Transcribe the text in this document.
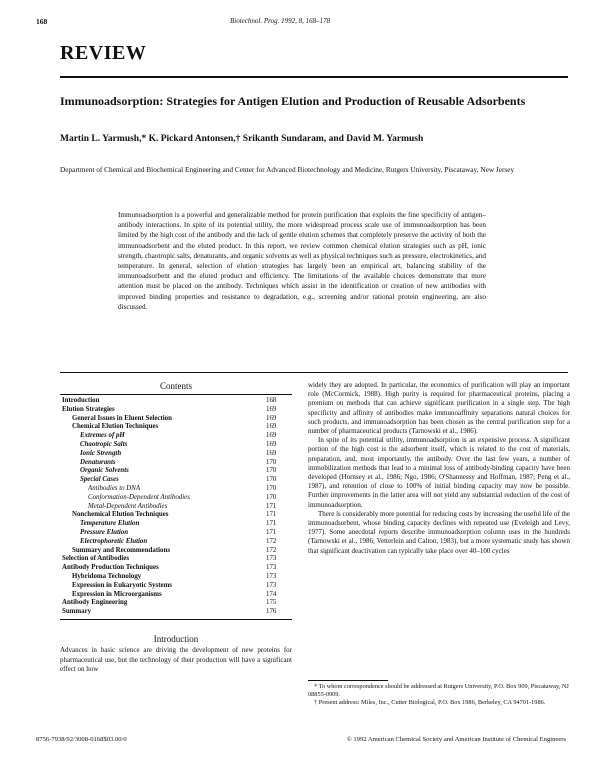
168	Biotechnol. Prog. 1992, 8, 168–178
REVIEW
Immunoadsorption: Strategies for Antigen Elution and Production of Reusable Adsorbents
Martin L. Yarmush,* K. Pickard Antonsen,† Srikanth Sundaram, and David M. Yarmush
Department of Chemical and Biochemical Engineering and Center for Advanced Biotechnology and Medicine, Rutgers University, Piscataway, New Jersey
Immunoadsorption is a powerful and generalizable method for protein purification that exploits the fine specificity of antigen–antibody interactions. In spite of its potential utility, the more widespread process scale use of immunoadsorption has been limited by the high cost of the antibody and the lack of gentle elution schemes that completely preserve the activity of both the immunoadsorbent and the eluted product. In this report, we review common chemical elution strategies such as pH, ionic strength, chaotropic salts, denaturants, and organic solvents as well as physical techniques such as pressure, electrokinetics, and temperature. In general, selection of elution strategies has largely been an empirical art, balancing stability of the immunoadsorbent and the eluted product and efficiency. The limitations of the available choices demonstrate that more attention must be placed on the antibody. Techniques which assist in the identification or creation of new antibodies with improved binding properties and resistance to degradation, e.g., screening and/or rational protein engineering, are also discussed.
Contents
Introduction	168
Elution Strategies	169
General Issues in Eluent Selection	169
Chemical Elution Techniques	169
Extremes of pH	169
Chaotropic Salts	169
Ionic Strength	169
Denaturants	170
Organic Solvents	170
Special Cases	170
Antibodies to DNA	170
Conformation-Dependent Antibodies	170
Metal-Dependent Antibodies	171
Nonchemical Elution Techniques	171
Temperature Elution	171
Pressure Elution	171
Electrophoretic Elution	172
Summary and Recommendations	172
Selection of Antibodies	173
Antibody Production Techniques	173
Hybridoma Technology	173
Expression in Eukaryotic Systems	173
Expression in Microorganisms	174
Antibody Engineering	175
Summary	176
Introduction
Advances in basic science are driving the development of new proteins for pharmaceutical use, but the technology of their production will have a significant effect on how

widely they are adopted. In particular, the economics of purification will play an important role (McCormick, 1988). High purity is required for pharmaceutical proteins, placing a premium on methods that can achieve significant purification in a single step. The high specificity and affinity of antibodies make immunoaffinity separations natural choices for such products, and immunoadsorption has been chosen as the central purification step for a number of pharmaceutical products (Tarnowski et al., 1986).

In spite of its potential utility, immunoadsorption is an expensive process. A significant portion of the high cost is the adsorbent itself, which is related to the cost of materials, preparation, and, most importantly, the antibody. Over the last few years, a number of immobilization methods that lead to a minimal loss of antibody-binding capacity have been developed (Hornsey et al., 1986; Ngo, 1986; O'Shannessy and Hoffman, 1987; Peng et al., 1987), and retention of close to 100% of initial binding capacity may now be possible. Further improvements in the latter area will not yield any substantial reduction of the cost of immunoadsorption.

There is considerably more potential for reducing costs by increasing the useful life of the immunoadsorbent, whose binding capacity declines with repeated use (Eveleigh and Levy, 1977). Some anecdotal reports describe immunoadsorption column uses in the hundreds (Tarnowski et al., 1986; Vetterlein and Calton, 1983), but a more systematic study has shown that significant deactivation can typically take place over 40–100 cycles

* To whom correspondence should be addressed at Rutgers University, P.O. Box 909, Piscataway, NJ 08855-0909.

† Present address: Miles, Inc., Cutter Biological, P.O. Box 1986, Berkeley, CA 94701-1986.

8756-7938/92/3008-0168$03.00/0	© 1992 American Chemical Society and American Institute of Chemical Engineers
